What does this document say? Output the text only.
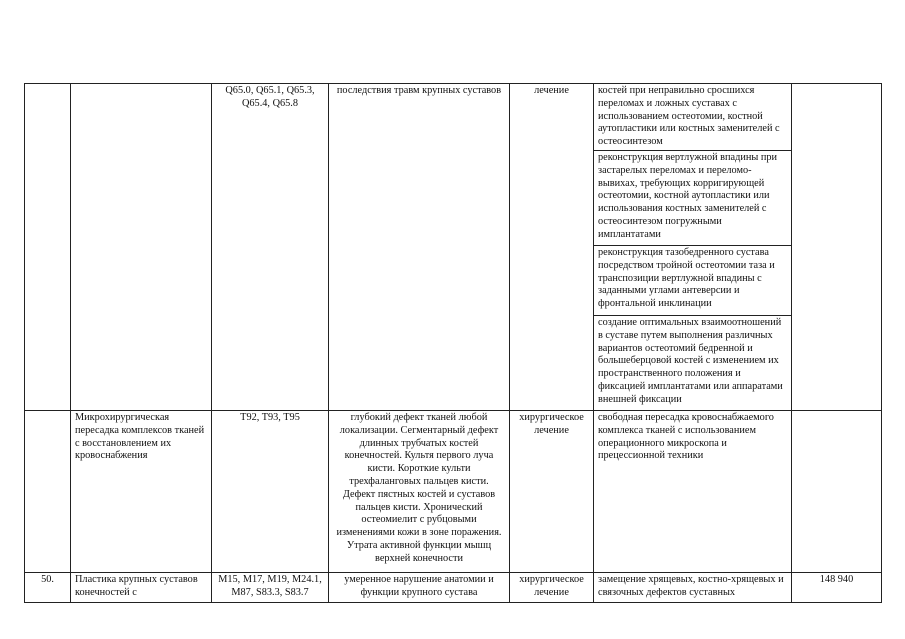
		Q65.0, Q65.1, Q65.3, Q65.4, Q65.8	последствия травм крупных суставов	лечение	костей при неправильно сросшихся переломах и ложных суставах с использованием остеотомии, костной аутопластики или костных заменителей с остеосинтезом	
					реконструкция вертлужной впадины при застарелых переломах и переломо-вывихах, требующих корригирующей остеотомии, костной аутопластики или использования костных заменителей с остеосинтезом погружными имплантатами	
					реконструкция тазобедренного сустава посредством тройной остеотомии таза и транспозиции вертлужной впадины с заданными углами антеверсии и фронтальной инклинации	
					создание оптимальных взаимоотношений в суставе путем выполнения различных вариантов остеотомий бедренной и большеберцовой костей с изменением их пространственного положения и фиксацией имплантатами или аппаратами внешней фиксации	
	Микрохирургическая пересадка комплексов тканей с восстановлением их кровоснабжения	T92, T93, T95	глубокий дефект тканей любой локализации. Сегментарный дефект длинных трубчатых костей конечностей. Культя первого луча кисти. Короткие культи трехфаланговых пальцев кисти. Дефект пястных костей и суставов пальцев кисти. Хронический остеомиелит с рубцовыми изменениями кожи в зоне поражения. Утрата активной функции мышц верхней конечности	хирургическое лечение	свободная пересадка кровоснабжаемого комплекса тканей с использованием операционного микроскопа и прецессионной техники	
50.	Пластика крупных суставов конечностей с	M15, M17, M19, M24.1, M87, S83.3, S83.7	умеренное нарушение анатомии и функции крупного сустава	хирургическое лечение	замещение хрящевых, костно-хрящевых и связочных дефектов суставных	148 940
